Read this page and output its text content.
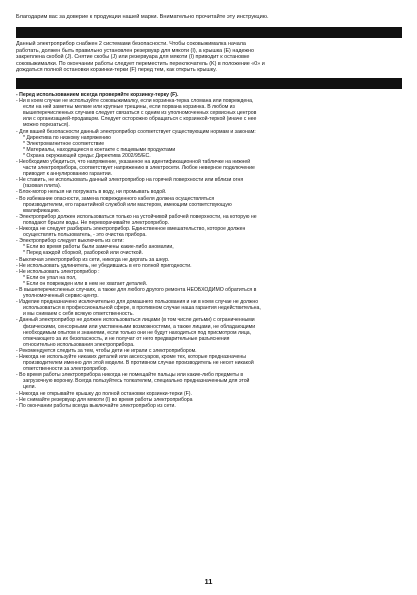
Благодарим вас за доверие к продукции нашей марки. Внимательно прочитайте эту инструкцию.

Данный электроприбор снабжен 2 системами безопасности. Чтобы соковыжималка начала

работать, должен быть правильно установлен резервуар для мякоти (I), а крышка (E) надежно

закреплена скобой (J). Снятие скобы (J) или резервуара для мякоти (I) приводит к остановке

соковыжималки. По окончании работы следует переместить переключатель (K) в положение «0» и

дождаться полной остановки корзинки-терки (F) перед тем, как открыть крышку.

- Перед использованием всегда проверяйте корзинку-терку (F).
- Ни в коем случае не используйте соковыжималку, если корзинка-терка сломана или повреждена,
если на ней заметны мелкие или крупные трещины, если порвана корзинка. В любом из
вышеперечисленных случаев следует связаться с одним из уполномоченных сервисных центров
или с организацией-продавцом. Следует осторожно обращаться с корзинкой-теркой (иначе с нее
можно порезаться).
- Для вашей безопасности данный электроприбор соответствует существующим нормам и законам:
* Директива по низкому напряжению
* Электромагнитное соответствие
* Материалы, находящиеся в контакте с пищевыми продуктами
* Охрана окружающей среды: Директива 2002/95/ЕС.
- Необходимо убедиться, что напряжение, указанное на идентификационной табличке на нижней
части электроприбора, соответствует напряжению в электросети. Любое неверное подключение
приводит к аннулированию гарантии.
- Не ставить, не использовать данный электроприбор на горячей поверхности или вблизи огня
(газовая плита).
- Блок-мотор нельзя ни погружать в воду, ни промывать водой.
- Во избежание опасности, замена поврежденного кабеля должна осуществляться
производителем, его гарантийной службой или мастером, имеющим соответствующую
квалификацию.
- Электроприбор должен использоваться только на устойчивой рабочей поверхности, на которую не
попадают брызги воды. Не переворачивайте электроприбор.
- Никогда не следует разбирать электроприбор. Единственное вмешательство, которое должен
осуществлять пользователь, - это очистка прибора.
- Электроприбор следует выключить из сети:
* Если во время работы были замечены какие-либо аномалии,
* Перед каждой сборкой, разборкой или очисткой.
- Выключая электроприбор из сети, никогда не дергать за шнур.
- Не использовать удлинитель, не убедившись в его полной пригодности.
- Не использовать электроприбор :
* Если он упал на пол,
* Если он поврежден или в нем не хватает деталей.
- В вышеперечисленных случаях, а также для любого другого ремонта НЕОБХОДИМО обратиться в
уполномоченный сервис-центр.
- Изделие предназначено исключительно для домашнего пользования и ни в коем случае не должно
использоваться в профессиональной сфере, в противном случае наша гарантия недействительна,
и мы снимаем с себя всякую ответственность.
- Данный электроприбор не должен использоваться лицами (в том числе детьми) с ограниченными
физическими, сенсорными или умственными возможностями, а также лицами, не обладающими
необходимым опытом и знаниями, если только они не будут находиться под присмотром лица,
отвечающего за их безопасность, и не получат от него предварительные разъяснения
относительно использования электроприбора.
- Рекомендуется следить за тем, чтобы дети не играли с электроприбором.
- Никогда не используйте никаких деталей или аксессуаров, кроме тех, которые предназначены
производителем именно для этой модели. В противном случае производитель не несет никакой
ответственности за электроприбор.
- Во время работы электроприбора никогда не помещайте пальцы или какие-либо предметы в
загрузочную воронку. Всегда пользуйтесь толкателем, специально предназначенным для этой
цели.
- Никогда не открывайте крышку до полной остановки корзинки-терки (F).
- Не снимайте резервуар для мякоти (I) во время работы электроприбора
- По окончании работы всегда выключайте электроприбор из сети.
11
